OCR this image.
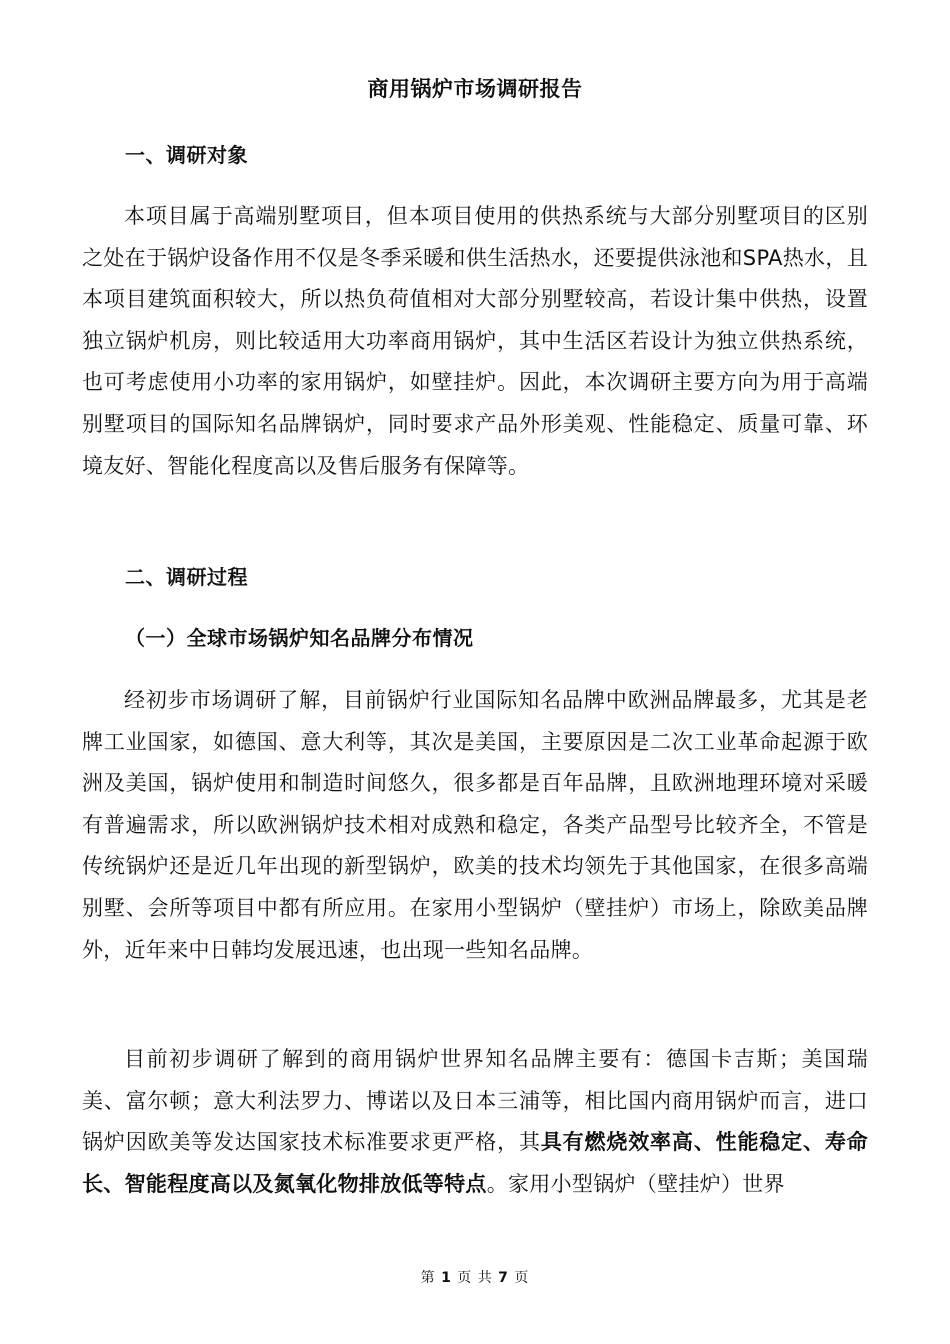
商用锅炉市场调研报告
一、调研对象
本项目属于高端别墅项目，但本项目使用的供热系统与大部分别墅项目的区别之处在于锅炉设备作用不仅是冬季采暖和供生活热水，还要提供泳池和SPA热水，且本项目建筑面积较大，所以热负荷值相对大部分别墅较高，若设计集中供热，设置独立锅炉机房，则比较适用大功率商用锅炉，其中生活区若设计为独立供热系统，也可考虑使用小功率的家用锅炉，如壁挂炉。因此，本次调研主要方向为用于高端别墅项目的国际知名品牌锅炉，同时要求产品外形美观、性能稳定、质量可靠、环境友好、智能化程度高以及售后服务有保障等。
二、调研过程
（一）全球市场锅炉知名品牌分布情况
经初步市场调研了解，目前锅炉行业国际知名品牌中欧洲品牌最多，尤其是老牌工业国家，如德国、意大利等，其次是美国，主要原因是二次工业革命起源于欧洲及美国，锅炉使用和制造时间悠久，很多都是百年品牌，且欧洲地理环境对采暖有普遍需求，所以欧洲锅炉技术相对成熟和稳定，各类产品型号比较齐全，不管是传统锅炉还是近几年出现的新型锅炉，欧美的技术均领先于其他国家，在很多高端别墅、会所等项目中都有所应用。在家用小型锅炉（壁挂炉）市场上，除欧美品牌外，近年来中日韩均发展迅速，也出现一些知名品牌。
目前初步调研了解到的商用锅炉世界知名品牌主要有：德国卡吉斯；美国瑞美、富尔顿；意大利法罗力、博诺以及日本三浦等，相比国内商用锅炉而言，进口锅炉因欧美等发达国家技术标准要求更严格，其具有燃烧效率高、性能稳定、寿命长、智能程度高以及氮氧化物排放低等特点。家用小型锅炉（壁挂炉）世界
第 1 页 共 7 页
